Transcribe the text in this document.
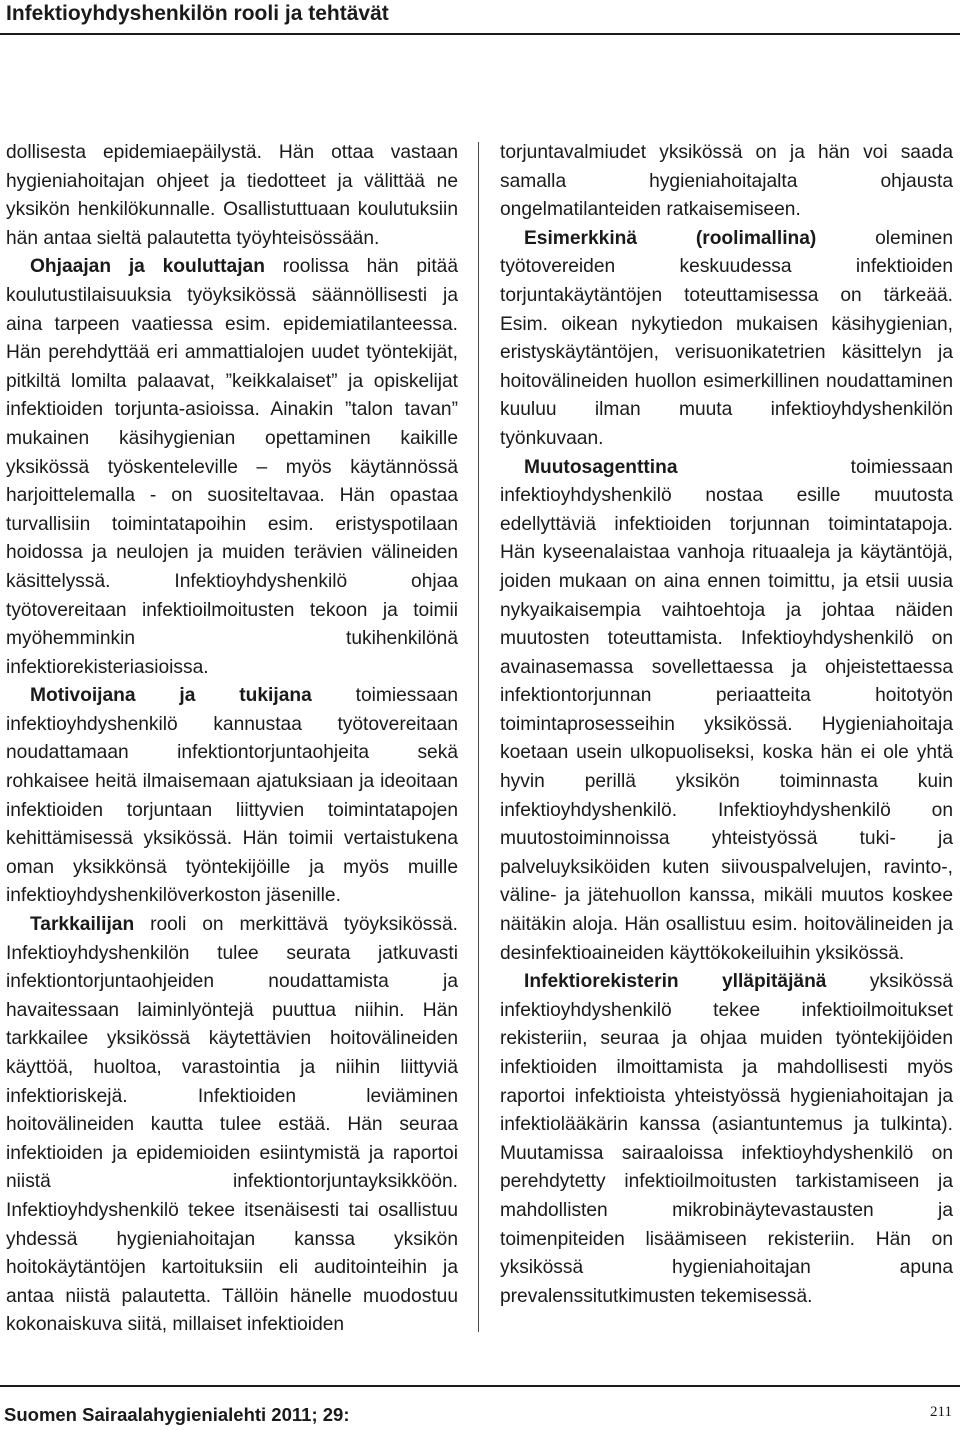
Infektioyhdyshenkilön rooli ja tehtävät

dollisesta epidemiaepäilystä. Hän ottaa vastaan hygieniahoitajan ohjeet ja tiedotteet ja välittää ne yksikön henkilökunnalle. Osallistuttuaan koulutuksiin hän antaa sieltä palautetta työyhteisössään.

Ohjaajan ja kouluttajan roolissa hän pitää koulutustilaisuuksia työyksikössä säännöllisesti ja aina tarpeen vaatiessa esim. epidemiatilanteessa. Hän perehdyttää eri ammattialojen uudet työntekijät, pitkiltä lomilta palaavat, ”keikkalaiset” ja opiskelijat infektioiden torjunta-asioissa. Ainakin ”talon tavan” mukainen käsihygienian opettaminen kaikille yksikössä työskenteleville – myös käytännössä harjoittelemalla - on suositeltavaa. Hän opastaa turvallisiin toimintatapoihin esim. eristyspotilaan hoidossa ja neulojen ja muiden terävien välineiden käsittelyssä. Infektioyhdyshenkilö ohjaa työtovereitaan infektioilmoitusten tekoon ja toimii myöhemminkin tukihenkilönä infektiorekisteriasioissa.

Motivoijana ja tukijana toimiessaan infektioyhdyshenkilö kannustaa työtovereitaan noudattamaan infektiontorjuntaohjeita sekä rohkaisee heitä ilmaisemaan ajatuksiaan ja ideoitaan infektioiden torjuntaan liittyvien toimintatapojen kehittämisessä yksikössä. Hän toimii vertaistukena oman yksikkönsä työntekijöille ja myös muille infektioyhdyshenkilöverkoston jäsenille.

Tarkkailijan rooli on merkittävä työyksikössä. Infektioyhdyshenkilön tulee seurata jatkuvasti infektiontorjuntaohjeiden noudattamista ja havaitessaan laiminlyöntejä puuttua niihin. Hän tarkkailee yksikössä käytettävien hoitovälineiden käyttöä, huoltoa, varastointia ja niihin liittyviä infektioriskejä. Infektioiden leviäminen hoitovälineiden kautta tulee estää. Hän seuraa infektioiden ja epidemioiden esiintymistä ja raportoi niistä infektiontorjuntayksikköön. Infektioyhdyshenkilö tekee itsenäisesti tai osallistuu yhdessä hygieniahoitajan kanssa yksikön hoitokäytäntöjen kartoituksiin eli auditointeihin ja antaa niistä palautetta. Tällöin hänelle muodostuu kokonaiskuva siitä, millaiset infektioiden

torjuntavalmiudet yksikössä on ja hän voi saada samalla hygieniahoitajalta ohjausta ongelmatilanteiden ratkaisemiseen.

Esimerkkinä (roolimallina) oleminen työtovereiden keskuudessa infektioiden torjuntakäytäntöjen toteuttamisessa on tärkeää. Esim. oikean nykytiedon mukaisen käsihygienian, eristyskäytäntöjen, verisuonikatetrien käsittelyn ja hoitovälineiden huollon esimerkillinen noudattaminen kuuluu ilman muuta infektioyhdyshenkilön työnkuvaan.

Muutosagenttina toimiessaan infektioyhdyshenkilö nostaa esille muutosta edellyttäviä infektioiden torjunnan toimintatapoja. Hän kyseenalaistaa vanhoja rituaaleja ja käytäntöjä, joiden mukaan on aina ennen toimittu, ja etsii uusia nykyaikaisempia vaihtoehtoja ja johtaa näiden muutosten toteuttamista. Infektioyhdyshenkilö on avainasemassa sovellettaessa ja ohjeistettaessa infektiontorjunnan periaatteita hoitotyön toimintaprosesseihin yksikössä. Hygieniahoitaja koetaan usein ulkopuoliseksi, koska hän ei ole yhtä hyvin perillä yksikön toiminnasta kuin infektioyhdyshenkilö. Infektioyhdyshenkilö on muutostoiminnoissa yhteistyössä tuki- ja palveluyksiköiden kuten siivouspalvelujen, ravinto-, väline- ja jätehuollon kanssa, mikäli muutos koskee näitäkin aloja. Hän osallistuu esim. hoitovälineiden ja desinfektioaineiden käyttökokeiluihin yksikössä.

Infektiorekisterin ylläpitäjänä yksikössä infektioyhdyshenkilö tekee infektioilmoitukset rekisteriin, seuraa ja ohjaa muiden työntekijöiden infektioiden ilmoittamista ja mahdollisesti myös raportoi infektioista yhteistyössä hygieniahoitajan ja infektiolääkärin kanssa (asiantuntemus ja tulkinta). Muutamissa sairaaloissa infektioyhdyshenkilö on perehdytetty infektioilmoitusten tarkistamiseen ja mahdollisten mikrobinäytevastausten ja toimenpiteiden lisäämiseen rekisteriin. Hän on yksikössä hygieniahoitajan apuna prevalenssitutkimusten tekemisessä.

Suomen Sairaalahygienialehti 2011; 29:	211
